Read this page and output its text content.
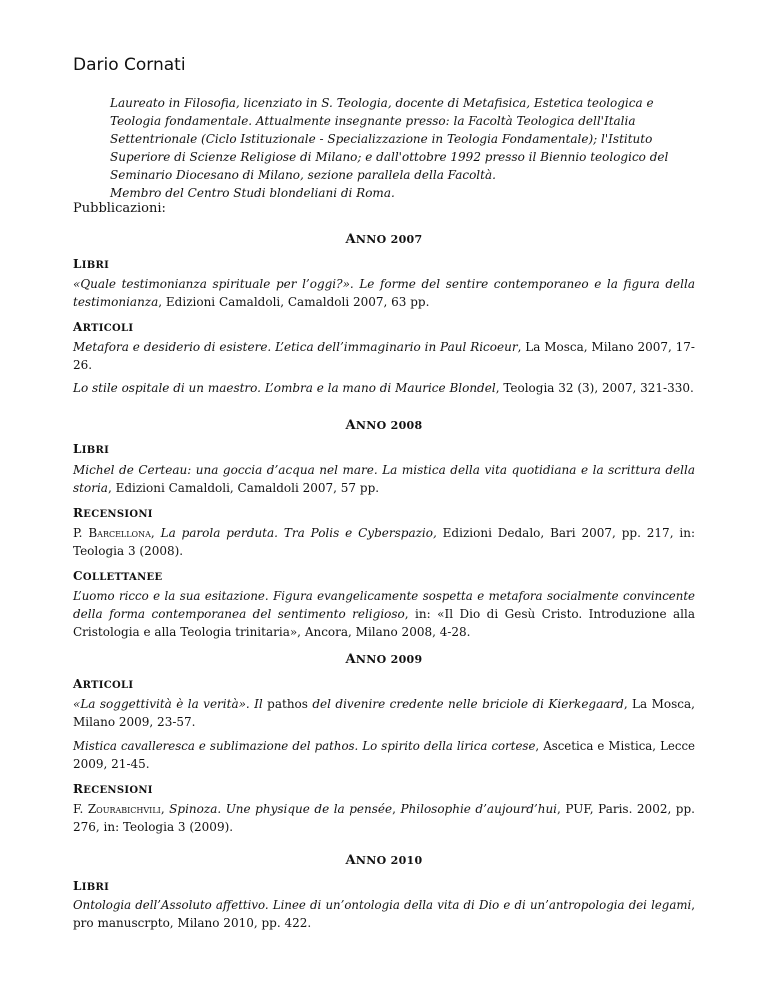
Dario Cornati
Laureato in Filosofia, licenziato in S. Teologia, docente di Metafisica, Estetica teologica e
Teologia fondamentale. Attualmente insegnante presso: la Facoltà Teologica dell'Italia
Settentrionale (Ciclo Istituzionale - Specializzazione in Teologia Fondamentale); l'Istituto
Superiore di Scienze Religiose di Milano; e dall'ottobre 1992 presso il Biennio teologico del
Seminario Diocesano di Milano, sezione parallela della Facoltà.
Membro del Centro Studi blondeliani di Roma.
Pubblicazioni:
ANNO 2007
LIBRI
«Quale testimonianza spirituale per l’oggi?». Le forme del sentire contemporaneo e la figura della
testimonianza, Edizioni Camaldoli, Camaldoli 2007, 63 pp.
ARTICOLI
Metafora e desiderio di esistere. L’etica dell’immaginario in Paul Ricoeur, La Mosca, Milano 2007, 17-
26.
Lo stile ospitale di un maestro. L’ombra e la mano di Maurice Blondel, Teologia 32 (3), 2007, 321-330.
ANNO 2008
LIBRI
Michel de Certeau: una goccia d’acqua nel mare. La mistica della vita quotidiana e la scrittura della
storia, Edizioni Camaldoli, Camaldoli 2007, 57 pp.
RECENSIONI
P. Barcellona, La parola perduta. Tra Polis e Cyberspazio, Edizioni Dedalo, Bari 2007, pp. 217, in:
Teologia 3 (2008).
COLLETTANEE
L’uomo ricco e la sua esitazione. Figura evangelicamente sospetta e metafora socialmente convincente
della forma contemporanea del sentimento religioso, in: «Il Dio di Gesù Cristo. Introduzione alla
Cristologia e alla Teologia trinitaria», Ancora, Milano 2008, 4-28.
ANNO 2009
ARTICOLI
«La soggettività è la verità». Il pathos del divenire credente nelle briciole di Kierkegaard, La Mosca,
Milano 2009, 23-57.
Mistica cavalleresca e sublimazione del pathos. Lo spirito della lirica cortese, Ascetica e Mistica, Lecce
2009, 21-45.
RECENSIONI
F. Zourabichvili, Spinoza. Une physique de la pensée, Philosophie d’aujourd’hui, PUF, Paris. 2002, pp.
276, in: Teologia 3 (2009).
ANNO 2010
LIBRI
Ontologia dell’Assoluto affettivo. Linee di un’ontologia della vita di Dio e di un’antropologia dei legami,
pro manuscrpto, Milano 2010, pp. 422.
